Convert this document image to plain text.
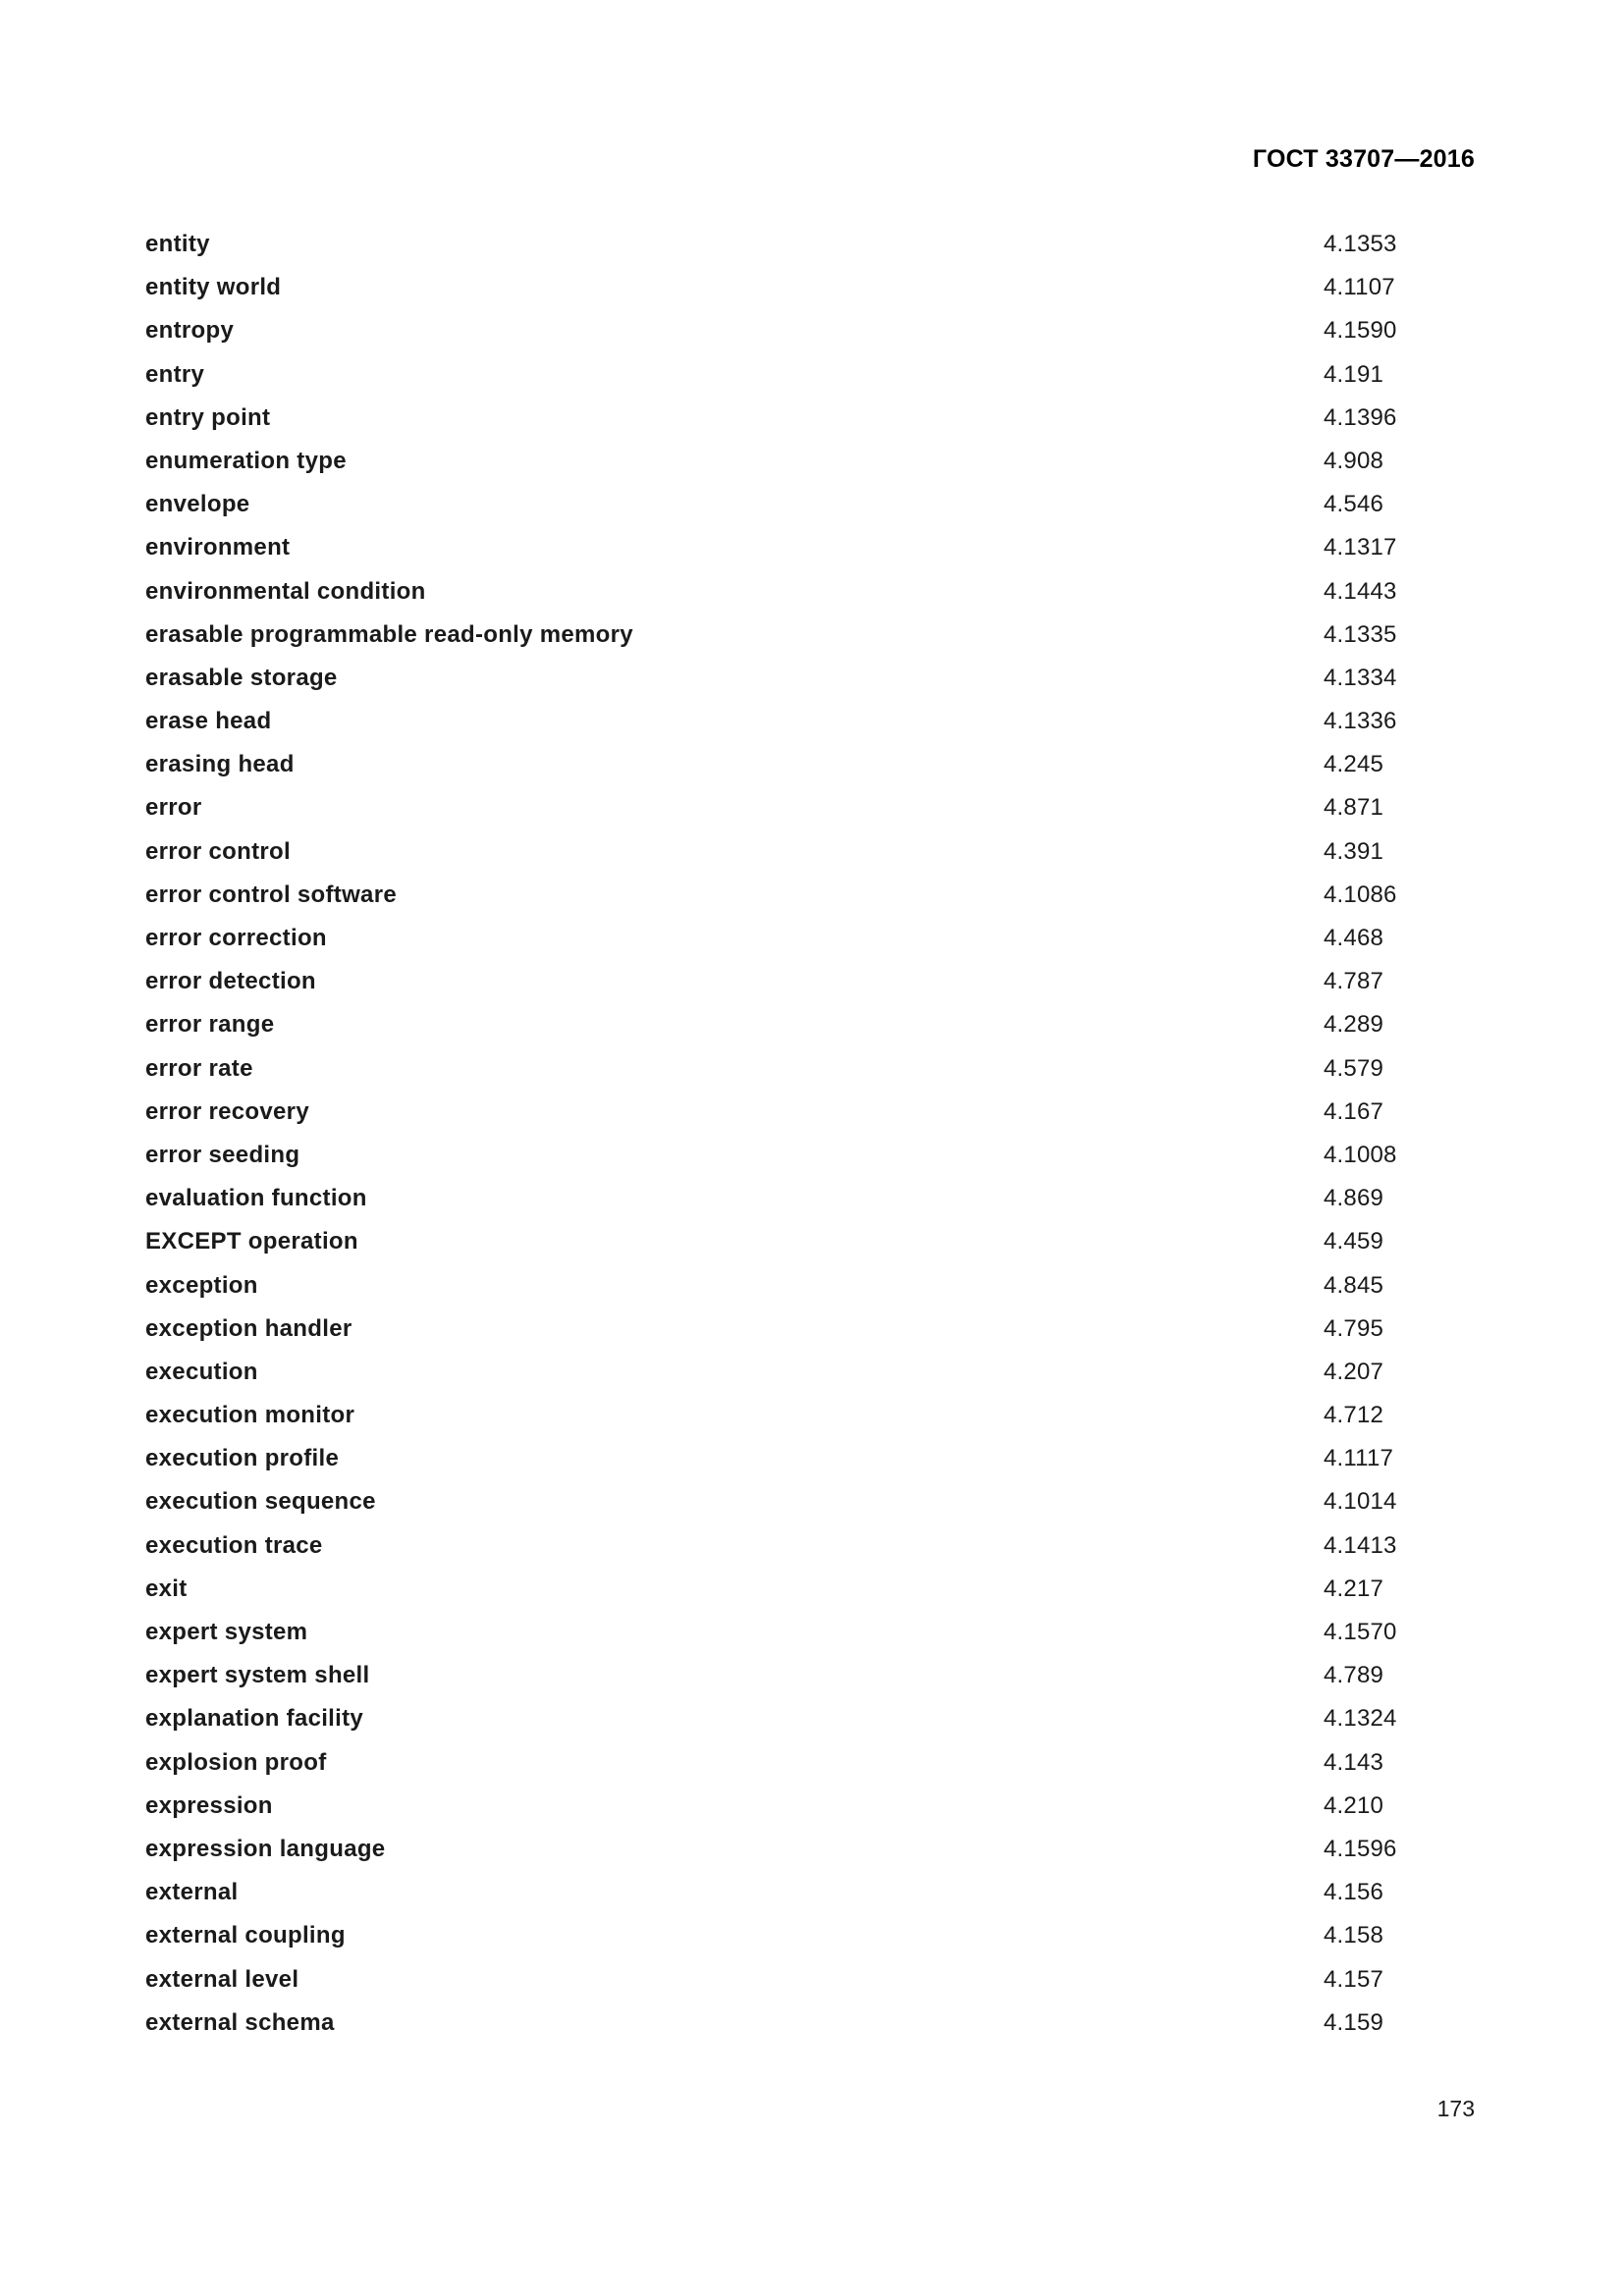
ГОСТ 33707—2016
entity	4.1353
entity world	4.1107
entropy	4.1590
entry	4.191
entry point	4.1396
enumeration type	4.908
envelope	4.546
environment	4.1317
environmental condition	4.1443
erasable programmable read-only memory	4.1335
erasable storage	4.1334
erase head	4.1336
erasing head	4.245
error	4.871
error control	4.391
error control software	4.1086
error correction	4.468
error detection	4.787
error range	4.289
error rate	4.579
error recovery	4.167
error seeding	4.1008
evaluation function	4.869
EXCEPT operation	4.459
exception	4.845
exception handler	4.795
execution	4.207
execution monitor	4.712
execution profile	4.1117
execution sequence	4.1014
execution trace	4.1413
exit	4.217
expert system	4.1570
expert system shell	4.789
explanation facility	4.1324
explosion proof	4.143
expression	4.210
expression language	4.1596
external	4.156
external coupling	4.158
external level	4.157
external schema	4.159
173
